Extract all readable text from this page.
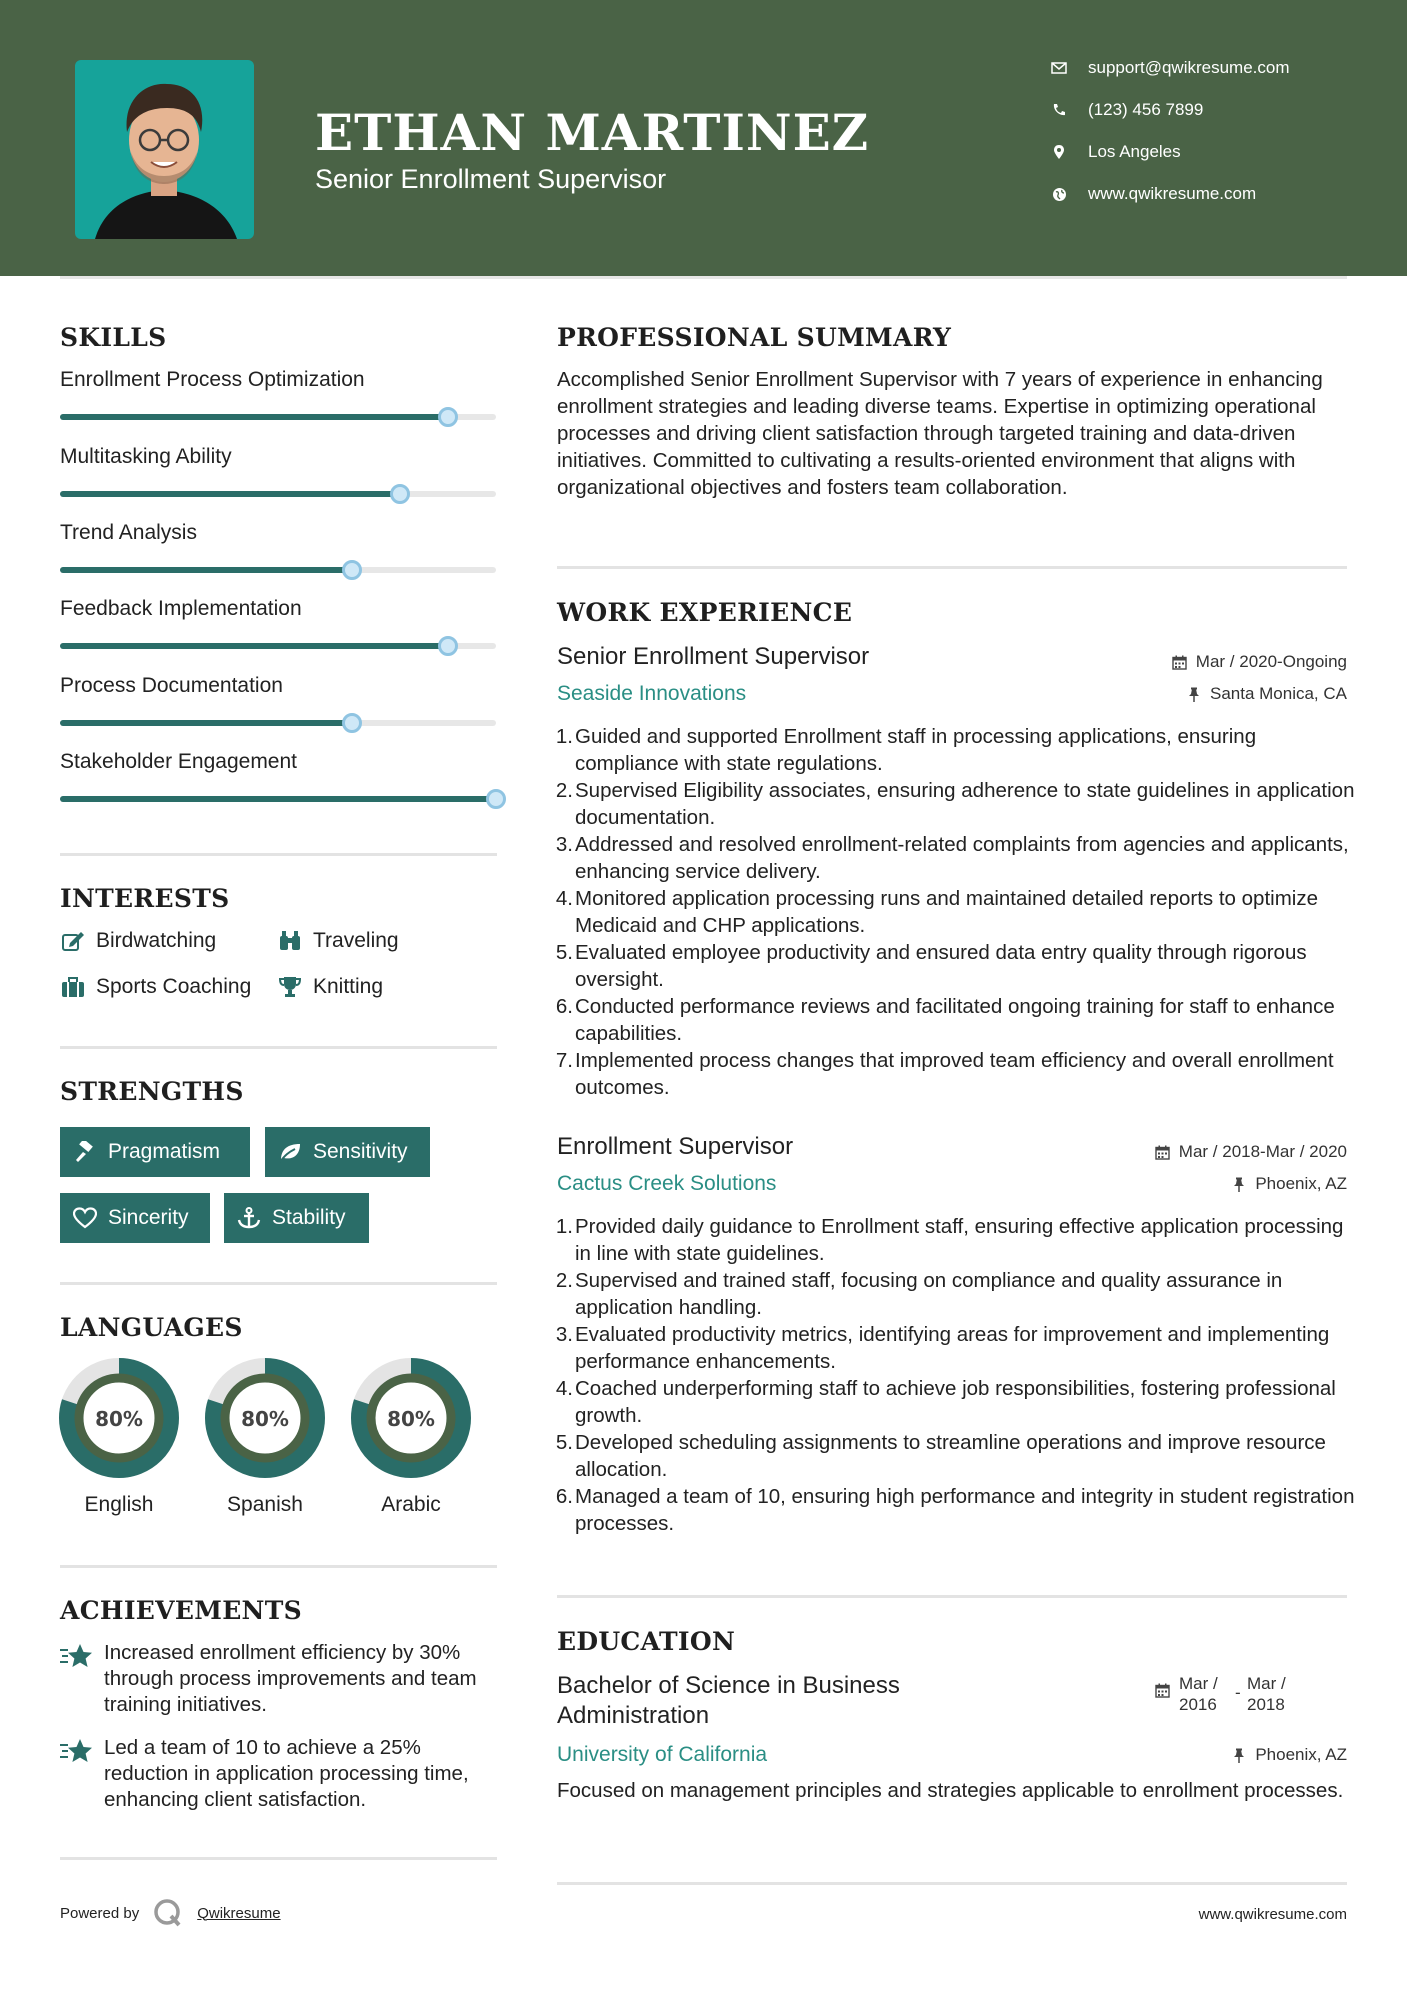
ETHAN MARTINEZ
Senior Enrollment Supervisor
support@qwikresume.com
(123) 456 7899
Los Angeles
www.qwikresume.com
SKILLS
Enrollment Process Optimization
Multitasking Ability
Trend Analysis
Feedback Implementation
Process Documentation
Stakeholder Engagement
INTERESTS
Birdwatching	Traveling
Sports Coaching	Knitting
STRENGTHS
Pragmatism	Sensitivity
Sincerity	Stability
LANGUAGES
80%	80%	80%
English	Spanish	Arabic
ACHIEVEMENTS
Increased enrollment efficiency by 30% through process improvements and team training initiatives.
Led a team of 10 to achieve a 25% reduction in application processing time, enhancing client satisfaction.
PROFESSIONAL SUMMARY
Accomplished Senior Enrollment Supervisor with 7 years of experience in enhancing enrollment strategies and leading diverse teams. Expertise in optimizing operational processes and driving client satisfaction through targeted training and data-driven initiatives. Committed to cultivating a results-oriented environment that aligns with organizational objectives and fosters team collaboration.
WORK EXPERIENCE
Senior Enrollment Supervisor	Mar / 2020-Ongoing
Seaside Innovations	Santa Monica, CA
1. Guided and supported Enrollment staff in processing applications, ensuring compliance with state regulations.
2. Supervised Eligibility associates, ensuring adherence to state guidelines in application documentation.
3. Addressed and resolved enrollment-related complaints from agencies and applicants, enhancing service delivery.
4. Monitored application processing runs and maintained detailed reports to optimize Medicaid and CHP applications.
5. Evaluated employee productivity and ensured data entry quality through rigorous oversight.
6. Conducted performance reviews and facilitated ongoing training for staff to enhance capabilities.
7. Implemented process changes that improved team efficiency and overall enrollment outcomes.
Enrollment Supervisor	Mar / 2018-Mar / 2020
Cactus Creek Solutions	Phoenix, AZ
1. Provided daily guidance to Enrollment staff, ensuring effective application processing in line with state guidelines.
2. Supervised and trained staff, focusing on compliance and quality assurance in application handling.
3. Evaluated productivity metrics, identifying areas for improvement and implementing performance enhancements.
4. Coached underperforming staff to achieve job responsibilities, fostering professional growth.
5. Developed scheduling assignments to streamline operations and improve resource allocation.
6. Managed a team of 10, ensuring high performance and integrity in student registration processes.
EDUCATION
Bachelor of Science in Business Administration
Mar / 2016
- Mar / 2018
University of California	Phoenix, AZ
Focused on management principles and strategies applicable to enrollment processes.
Powered by	Qwikresume	www.qwikresume.com
